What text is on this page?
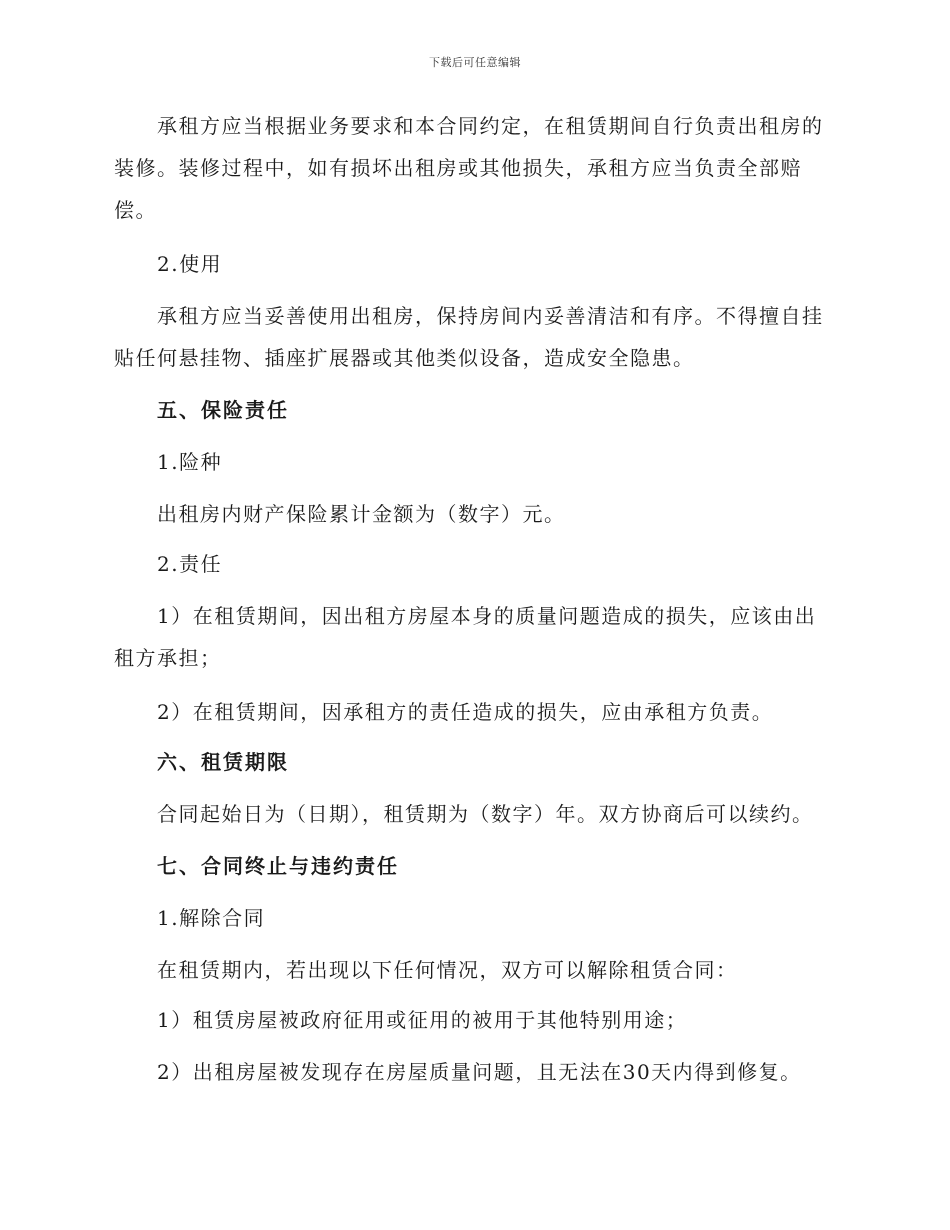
下载后可任意编辑
承租方应当根据业务要求和本合同约定，在租赁期间自行负责出租房的
装修。装修过程中，如有损坏出租房或其他损失，承租方应当负责全部赔
偿。
2.使用
承租方应当妥善使用出租房，保持房间内妥善清洁和有序。不得擅自挂
贴任何悬挂物、插座扩展器或其他类似设备，造成安全隐患。
五、保险责任
1.险种
出租房内财产保险累计金额为（数字）元。
2.责任
1）在租赁期间，因出租方房屋本身的质量问题造成的损失，应该由出
租方承担；
2）在租赁期间，因承租方的责任造成的损失，应由承租方负责。
六、租赁期限
合同起始日为（日期），租赁期为（数字）年。双方协商后可以续约。
七、合同终止与违约责任
1.解除合同
在租赁期内，若出现以下任何情况，双方可以解除租赁合同：
1）租赁房屋被政府征用或征用的被用于其他特别用途；
2）出租房屋被发现存在房屋质量问题，且无法在30天内得到修复。
